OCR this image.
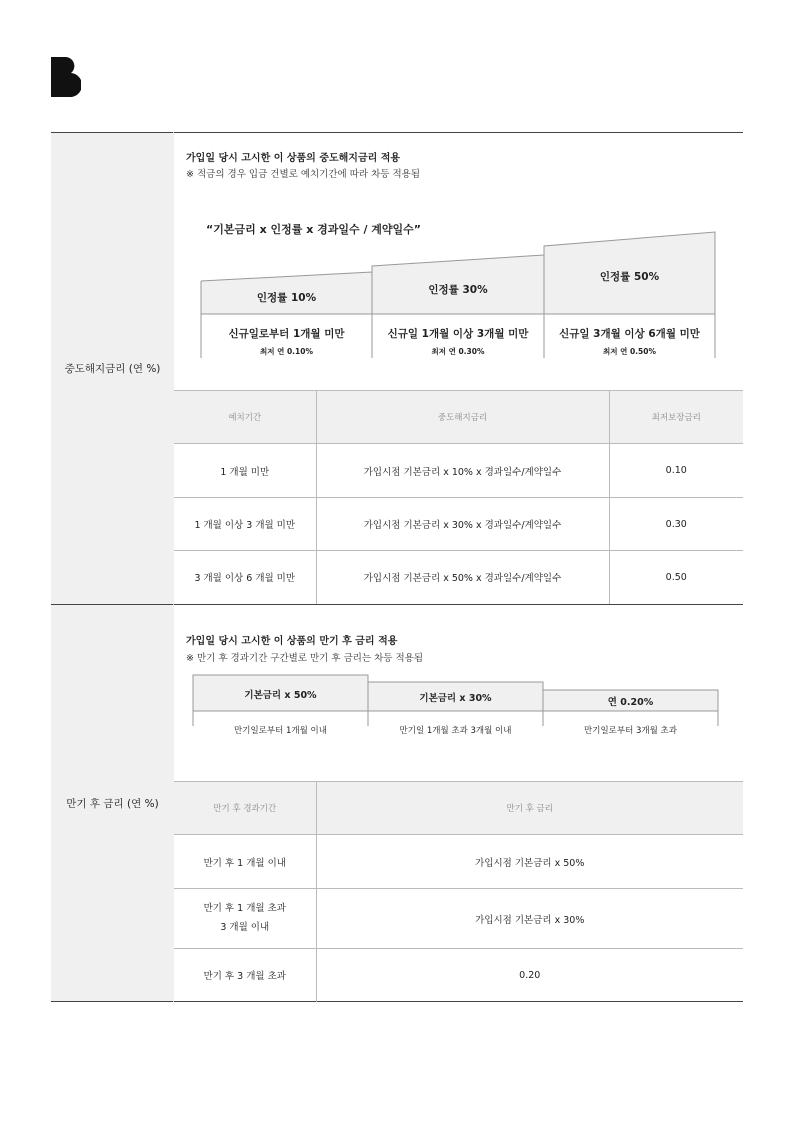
중도해지금리 (연 %)
만기 후 금리 (연 %)
가입일 당시 고시한 이 상품의 중도해지금리 적용
※ 적금의 경우 입금 건별로 예치기간에 따라 차등 적용됨
“기본금리 x 인정률 x 경과일수 / 계약일수”
인정률 10%
인정률 30%
인정률 50%
신규일로부터 1개월 미만	신규일 1개월 이상 3개월 미만	신규일 3개월 이상 6개월 미만
최저 연 0.10%	최저 연 0.30%	최저 연 0.50%
예치기간	중도해지금리	최저보장금리
1 개월 미만	가입시점 기본금리 x 10% x 경과일수/계약일수	0.10
1 개월 이상 3 개월 미만	가입시점 기본금리 x 30% x 경과일수/계약일수	0.30
3 개월 이상 6 개월 미만	가입시점 기본금리 x 50% x 경과일수/계약일수	0.50
가입일 당시 고시한 이 상품의 만기 후 금리 적용
※ 만기 후 경과기간 구간별로 만기 후 금리는 차등 적용됨
기본금리 x 50%	기본금리 x 30%	연 0.20%
만기일로부터 1개월 이내	만기일 1개월 초과 3개월 이내	만기일로부터 3개월 초과
만기 후 경과기간	만기 후 금리
만기 후 1 개월 이내	가입시점 기본금리 x 50%
만기 후 1 개월 초과
3 개월 이내	가입시점 기본금리 x 30%
만기 후 3 개월 초과	0.20
